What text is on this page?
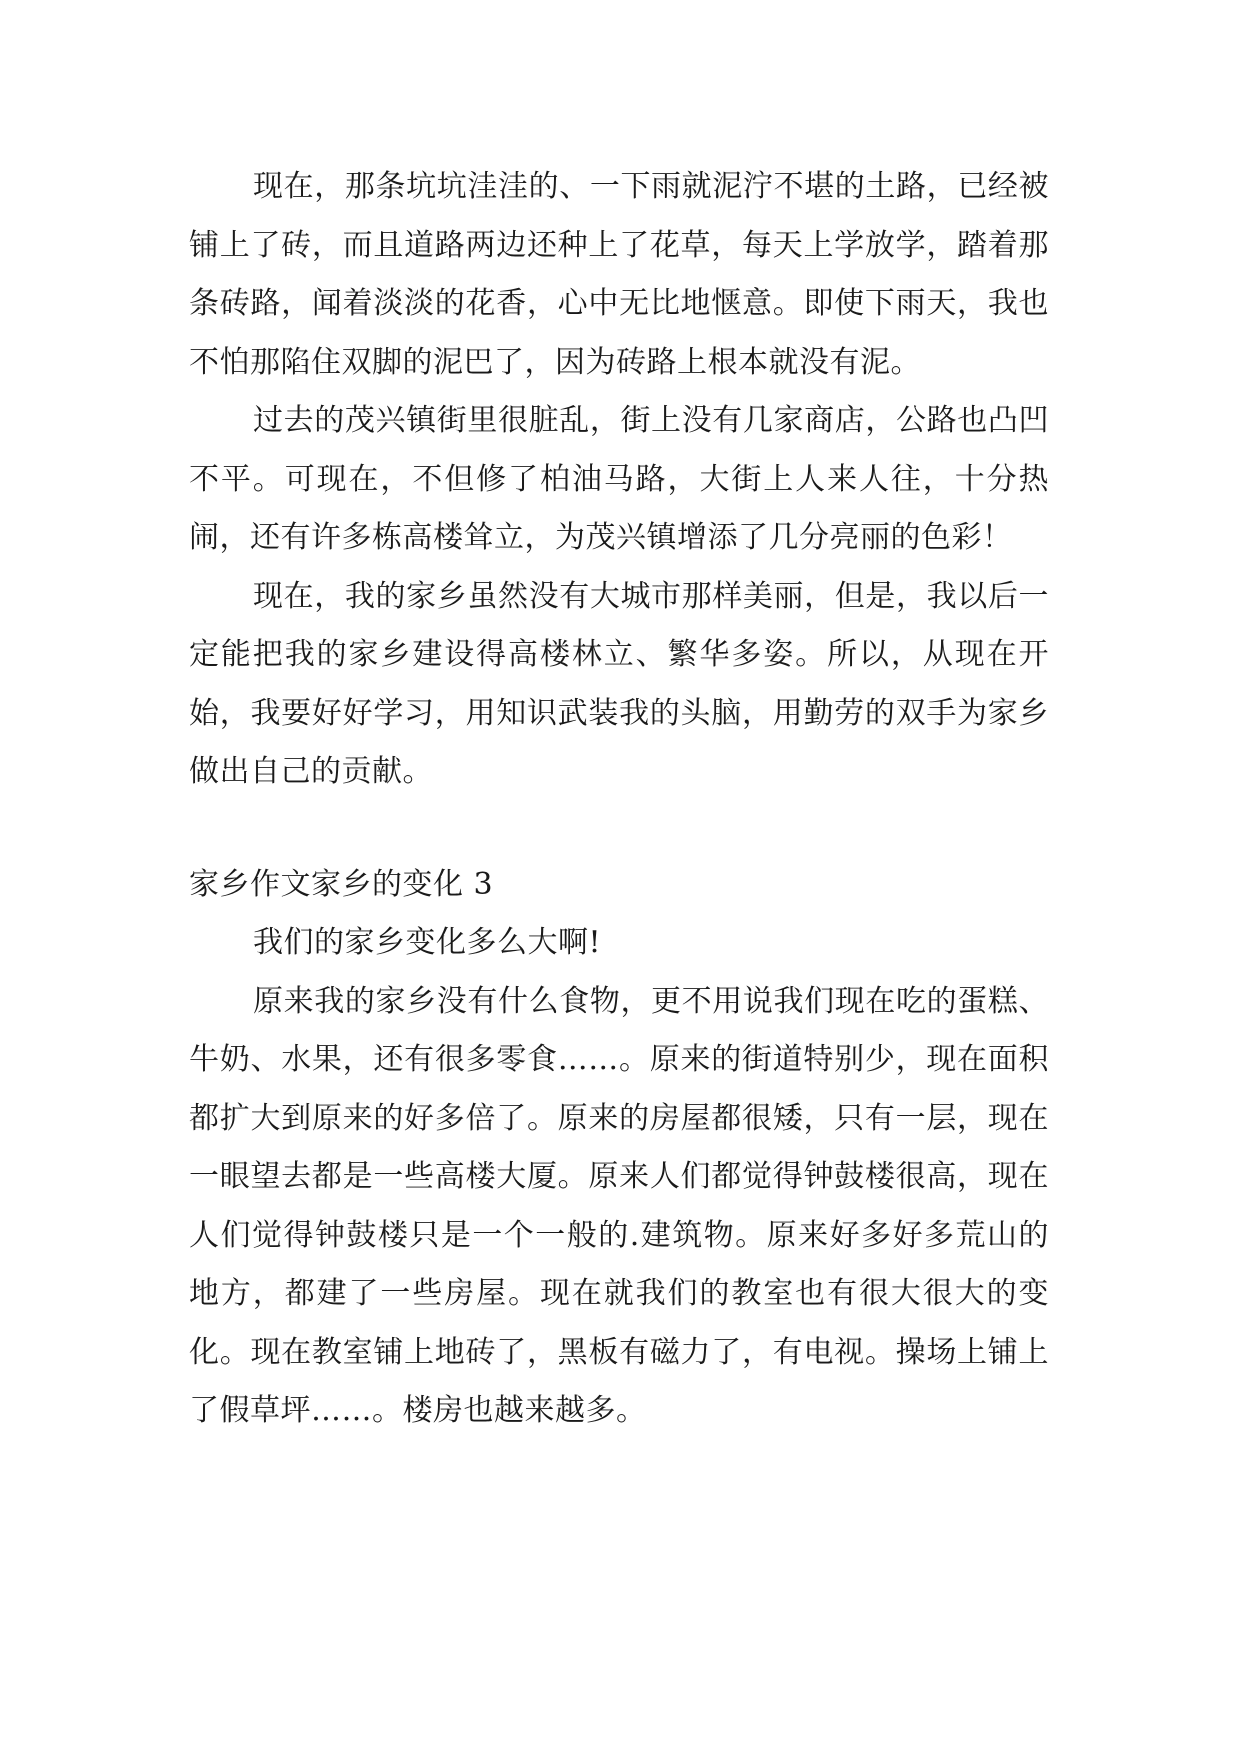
现在，那条坑坑洼洼的、一下雨就泥泞不堪的土路，已经被铺上了砖，而且道路两边还种上了花草，每天上学放学，踏着那条砖路，闻着淡淡的花香，心中无比地惬意。即使下雨天，我也不怕那陷住双脚的泥巴了，因为砖路上根本就没有泥。

过去的茂兴镇街里很脏乱，街上没有几家商店，公路也凸凹不平。可现在，不但修了柏油马路，大街上人来人往，十分热闹，还有许多栋高楼耸立，为茂兴镇增添了几分亮丽的色彩！

现在，我的家乡虽然没有大城市那样美丽，但是，我以后一定能把我的家乡建设得高楼林立、繁华多姿。所以，从现在开始，我要好好学习，用知识武装我的头脑，用勤劳的双手为家乡做出自己的贡献。

家乡作文家乡的变化 3

我们的家乡变化多么大啊!

原来我的家乡没有什么食物，更不用说我们现在吃的蛋糕、牛奶、水果，还有很多零食……。原来的街道特别少，现在面积都扩大到原来的好多倍了。原来的房屋都很矮，只有一层，现在一眼望去都是一些高楼大厦。原来人们都觉得钟鼓楼很高，现在人们觉得钟鼓楼只是一个一般的.建筑物。原来好多好多荒山的地方，都建了一些房屋。现在就我们的教室也有很大很大的变化。现在教室铺上地砖了，黑板有磁力了，有电视。操场上铺上了假草坪……。楼房也越来越多。
